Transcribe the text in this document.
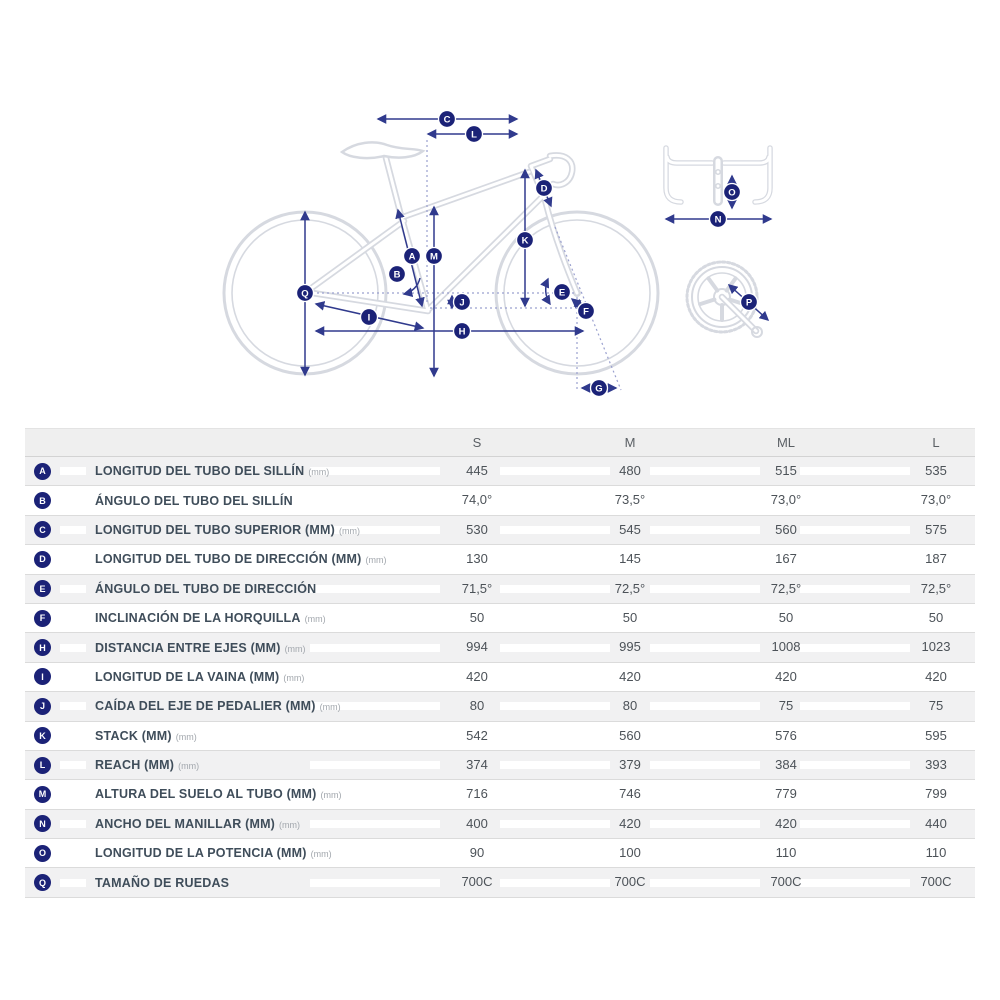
C
L
D
K
A M
B
Q
I
H
J
E
F
G
N
O
P
S	M	ML	L
A	LONGITUD DEL TUBO DEL SILLÍN (mm)	445	480	515	535
B	ÁNGULO DEL TUBO DEL SILLÍN	74,0°	73,5°	73,0°	73,0°
C	LONGITUD DEL TUBO SUPERIOR (MM) (mm)	530	545	560	575
D	LONGITUD DEL TUBO DE DIRECCIÓN (MM) (mm)	130	145	167	187
E	ÁNGULO DEL TUBO DE DIRECCIÓN	71,5°	72,5°	72,5°	72,5°
F	INCLINACIÓN DE LA HORQUILLA (mm)	50	50	50	50
H	DISTANCIA ENTRE EJES (MM) (mm)	994	995	1008	1023
I	LONGITUD DE LA VAINA (MM) (mm)	420	420	420	420
J	CAÍDA DEL EJE DE PEDALIER (MM) (mm)	80	80	75	75
K	STACK (MM) (mm)	542	560	576	595
L	REACH (MM) (mm)	374	379	384	393
M	ALTURA DEL SUELO AL TUBO (MM) (mm)	716	746	779	799
N	ANCHO DEL MANILLAR (MM) (mm)	400	420	420	440
O	LONGITUD DE LA POTENCIA (MM) (mm)	90	100	110	110
Q	TAMAÑO DE RUEDAS	700C	700C	700C	700C
